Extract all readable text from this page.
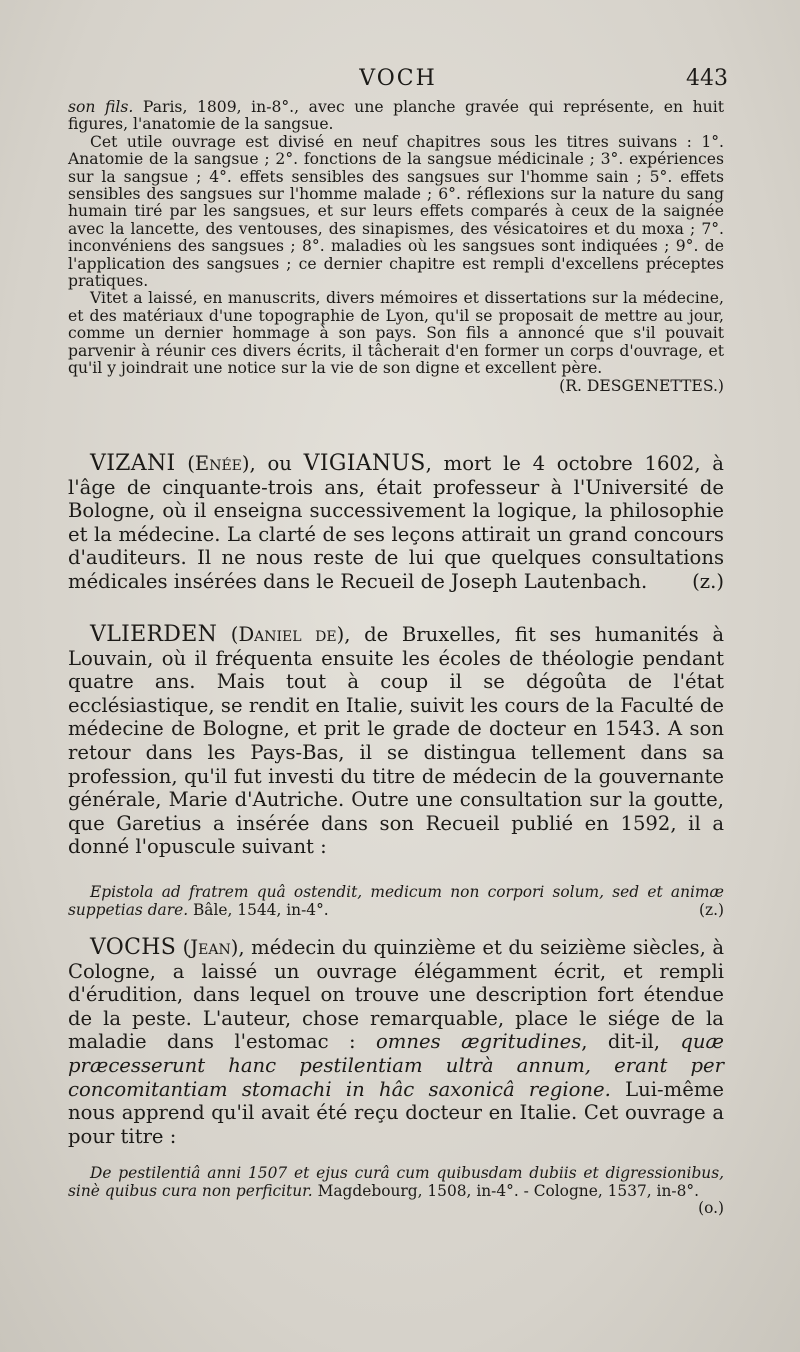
VOCH	443

son fils. Paris, 1809, in-8°., avec une planche gravée qui représente, en huit figures, l'anatomie de la sangsue.

Cet utile ouvrage est divisé en neuf chapitres sous les titres suivans : 1°. Anatomie de la sangsue ; 2°. fonctions de la sangsue médicinale ; 3°. expériences sur la sangsue ; 4°. effets sensibles des sangsues sur l'homme sain ; 5°. effets sensibles des sangsues sur l'homme malade ; 6°. réflexions sur la nature du sang humain tiré par les sangsues, et sur leurs effets comparés à ceux de la saignée avec la lancette, des ventouses, des sinapismes, des vésicatoires et du moxa ; 7°. inconvéniens des sangsues ; 8°. maladies où les sangsues sont indiquées ; 9°. de l'application des sangsues ; ce dernier chapitre est rempli d'excellens préceptes pratiques.

Vitet a laissé, en manuscrits, divers mémoires et dissertations sur la médecine, et des matériaux d'une topographie de Lyon, qu'il se proposait de mettre au jour, comme un dernier hommage à son pays. Son fils a annoncé que s'il pouvait parvenir à réunir ces divers écrits, il tâcherait d'en former un corps d'ouvrage, et qu'il y joindrait une notice sur la vie de son digne et excellent père.
(R. DESGENETTES.)

VIZANI (Enée), ou VIGIANUS, mort le 4 octobre 1602, à l'âge de cinquante-trois ans, était professeur à l'Université de Bologne, où il enseigna successivement la logique, la philosophie et la médecine. La clarté de ses leçons attirait un grand concours d'auditeurs. Il ne nous reste de lui que quelques consultations médicales insérées dans le Recueil de Joseph Lautenbach.	(z.)

VLIERDEN (Daniel de), de Bruxelles, fit ses humanités à Louvain, où il fréquenta ensuite les écoles de théologie pendant quatre ans. Mais tout à coup il se dégoûta de l'état ecclésiastique, se rendit en Italie, suivit les cours de la Faculté de médecine de Bologne, et prit le grade de docteur en 1543. A son retour dans les Pays-Bas, il se distingua tellement dans sa profession, qu'il fut investi du titre de médecin de la gouvernante générale, Marie d'Autriche. Outre une consultation sur la goutte, que Garetius a insérée dans son Recueil publié en 1592, il a donné l'opuscule suivant :

Epistola ad fratrem quâ ostendit, medicum non corpori solum, sed et animæ suppetias dare. Bâle, 1544, in-4°.	(z.)

VOCHS (Jean), médecin du quinzième et du seizième siècles, à Cologne, a laissé un ouvrage élégamment écrit, et rempli d'érudition, dans lequel on trouve une description fort étendue de la peste. L'auteur, chose remarquable, place le siége de la maladie dans l'estomac : omnes ægritudines, dit-il, quæ præcesserunt hanc pestilentiam ultrà annum, erant per concomitantiam stomachi in hâc saxonicâ regione. Lui-même nous apprend qu'il avait été reçu docteur en Italie. Cet ouvrage a pour titre :

De pestilentiâ anni 1507 et ejus curâ cum quibusdam dubiis et digressionibus, sinè quibus cura non perficitur. Magdebourg, 1508, in-4°. - Cologne, 1537, in-8°.
(o.)
